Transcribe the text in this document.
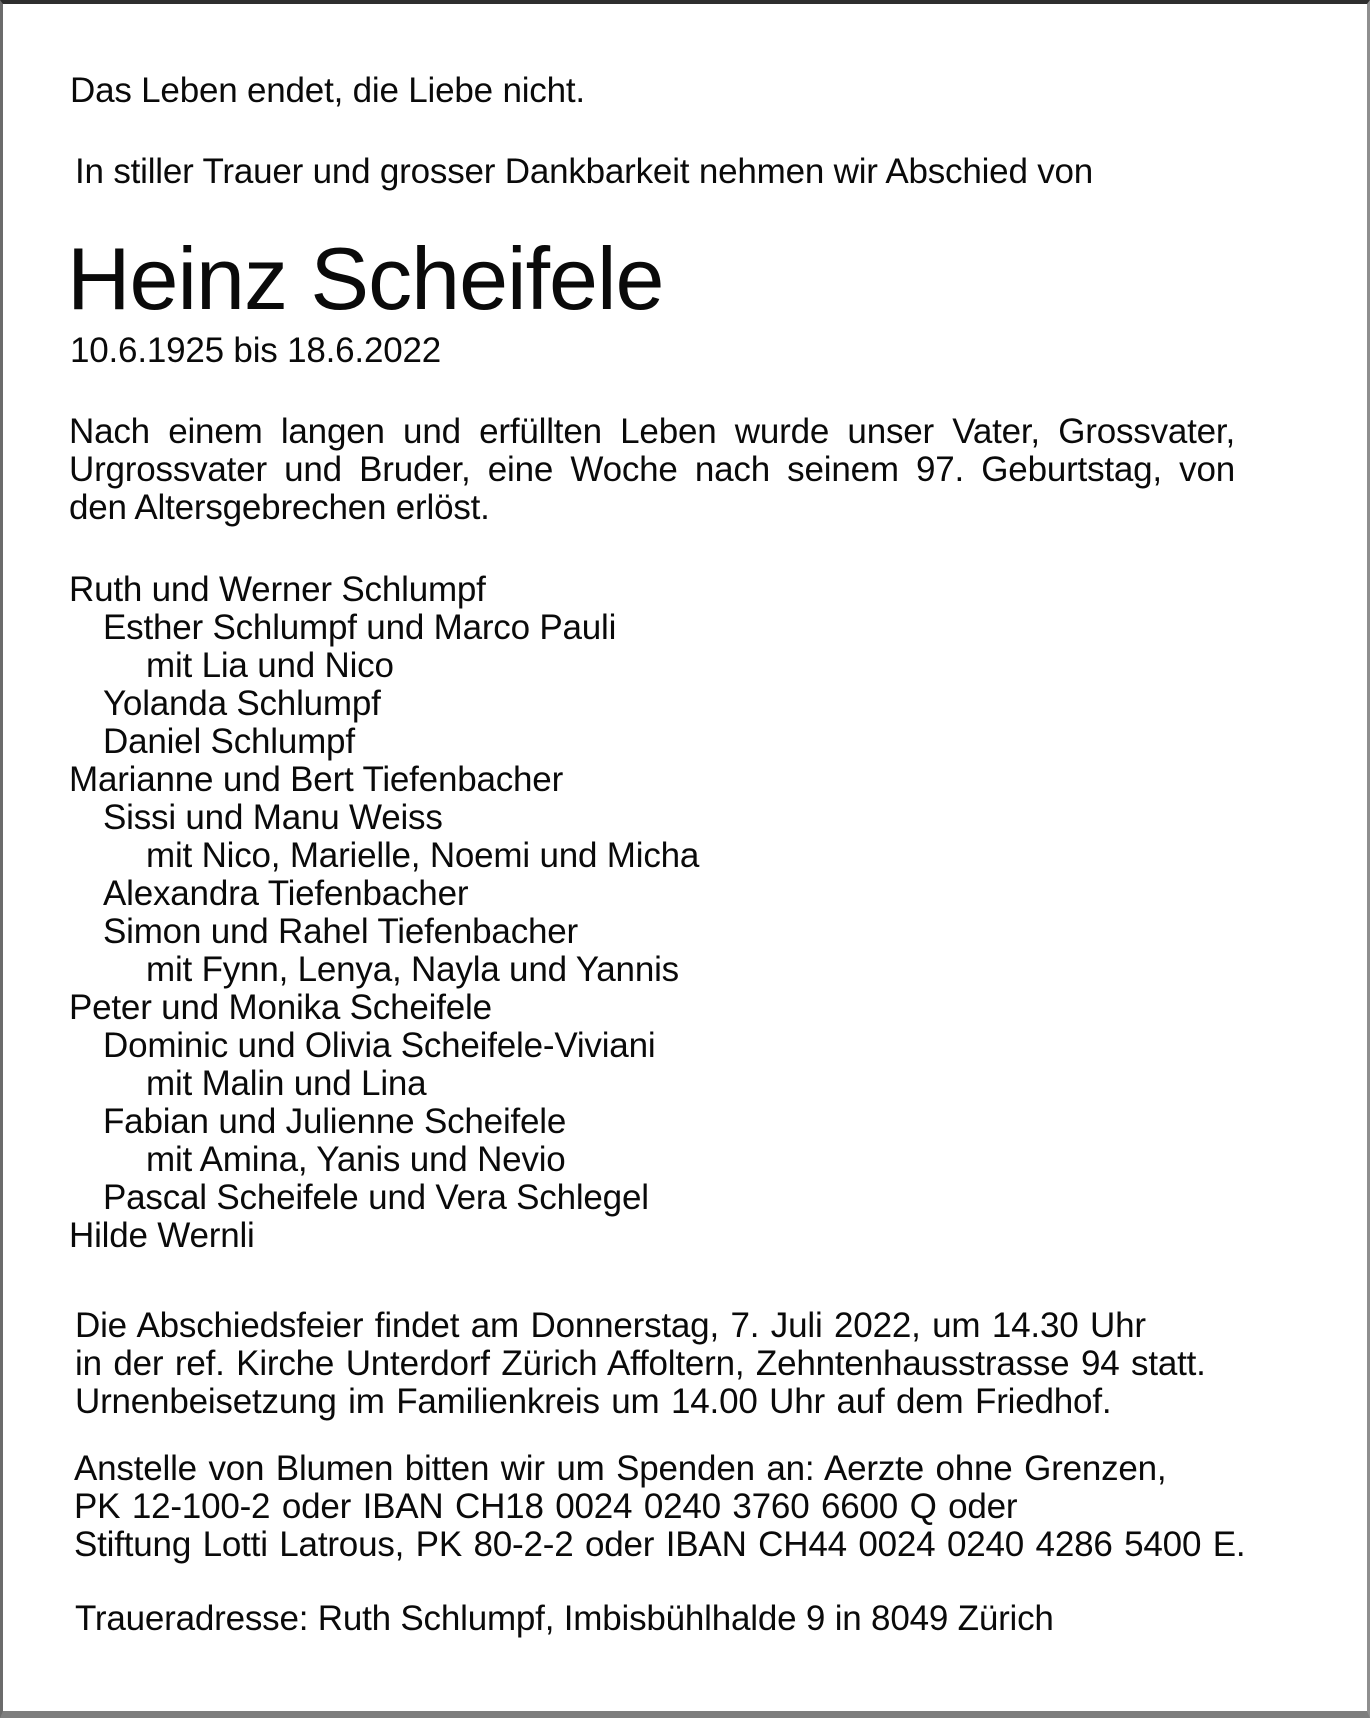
Das Leben endet, die Liebe nicht.
In stiller Trauer und grosser Dankbarkeit nehmen wir Abschied von
Heinz Scheifele
10.6.1925 bis 18.6.2022
Nach einem langen und erfüllten Leben wurde unser Vater, Grossvater,
Urgrossvater und Bruder, eine Woche nach seinem 97. Geburtstag, von
den Altersgebrechen erlöst.
Ruth und Werner Schlumpf
Esther Schlumpf und Marco Pauli
mit Lia und Nico
Yolanda Schlumpf
Daniel Schlumpf
Marianne und Bert Tiefenbacher
Sissi und Manu Weiss
mit Nico, Marielle, Noemi und Micha
Alexandra Tiefenbacher
Simon und Rahel Tiefenbacher
mit Fynn, Lenya, Nayla und Yannis
Peter und Monika Scheifele
Dominic und Olivia Scheifele-Viviani
mit Malin und Lina
Fabian und Julienne Scheifele
mit Amina, Yanis und Nevio
Pascal Scheifele und Vera Schlegel
Hilde Wernli
Die Abschiedsfeier findet am Donnerstag, 7. Juli 2022, um 14.30 Uhr
in der ref. Kirche Unterdorf Zürich Affoltern, Zehntenhausstrasse 94 statt.
Urnenbeisetzung im Familienkreis um 14.00 Uhr auf dem Friedhof.
Anstelle von Blumen bitten wir um Spenden an: Aerzte ohne Grenzen,
PK 12-100-2 oder IBAN CH18 0024 0240 3760 6600 Q oder
Stiftung Lotti Latrous, PK 80-2-2 oder IBAN CH44 0024 0240 4286 5400 E.
Traueradresse: Ruth Schlumpf, Imbisbühlhalde 9 in 8049 Zürich
